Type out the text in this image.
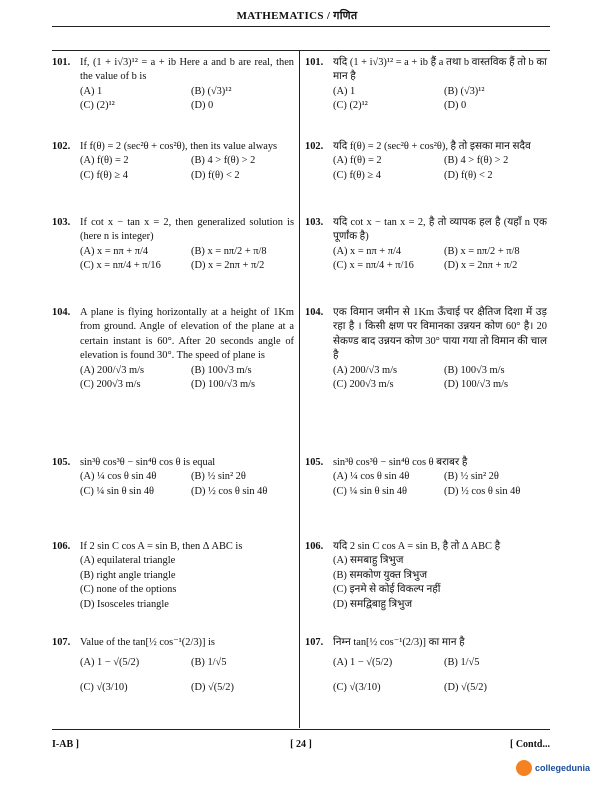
MATHEMATICS / गणित
101. If, (1 + i√3)¹² = a + ib Here a and b are real, then the value of b is
(A) 1	(B) (√3)¹²
(C) (2)¹²	(D) 0
102. If f(θ) = 2 (sec²θ + cos²θ), then its value always
(A) f(θ) = 2	(B) 4 > f(θ) > 2
(C) f(θ) ≥ 4	(D) f(θ) < 2
103. If cot x − tan x = 2, then generalized solution is (here n is integer)
(A) x = nπ + π/4	(B) x = nπ/2 + π/8
(C) x = nπ/4 + π/16	(D) x = 2nπ + π/2
104. A plane is flying horizontally at a height of 1Km from ground. Angle of elevation of the plane at a certain instant is 60°. After 20 seconds angle of elevation is found 30°. The speed of plane is
(A) 200/√3 m/s	(B) 100√3 m/s
(C) 200√3 m/s	(D) 100/√3 m/s
105. sin³θ cos³θ − sin⁴θ cos θ is equal
(A) ¼ cos θ sin 4θ	(B) ½ sin² 2θ
(C) ¼ sin θ sin 4θ	(D) ½ cos θ sin 4θ
106. If 2 sin C cos A = sin B, then Δ ABC is
(A) equilateral triangle
(B) right angle triangle
(C) none of the options
(D) Isosceles triangle
107. Value of the tan[½ cos⁻¹(2/3)] is
(A) 1 − √(5/2)	(B) 1/√5
(C) √(3/10)	(D) √(5/2)
101. यदि (1 + i√3)¹² = a + ib हैं a तथा b वास्तविक हैं तो b का मान है
(A) 1	(B) (√3)¹²
(C) (2)¹²	(D) 0
102. यदि f(θ) = 2 (sec²θ + cos²θ), है तो इसका मान सदैव
(A) f(θ) = 2	(B) 4 > f(θ) > 2
(C) f(θ) ≥ 4	(D) f(θ) < 2
103. यदि cot x − tan x = 2, है तो व्यापक हल है (यहाँ n एक पूर्णांक है)
(A) x = nπ + π/4	(B) x = nπ/2 + π/8
(C) x = nπ/4 + π/16	(D) x = 2nπ + π/2
104. एक विमान जमीन से 1Km ऊँचाई पर क्षैतिज दिशा में उड़ रहा है । किसी क्षण पर विमानका उन्नयन कोण 60° है। 20 सेकण्ड बाद उन्नयन कोण 30° पाया गया तो विमान की चाल है
(A) 200/√3 m/s	(B) 100√3 m/s
(C) 200√3 m/s	(D) 100/√3 m/s
105. sin³θ cos³θ − sin⁴θ cos θ बराबर है
(A) ¼ cos θ sin 4θ	(B) ½ sin² 2θ
(C) ¼ sin θ sin 4θ	(D) ½ cos θ sin 4θ
106. यदि 2 sin C cos A = sin B, है तो Δ ABC है
(A) समबाहु त्रिभुज
(B) समकोण युक्त त्रिभुज
(C) इनमे से कोई विकल्प नहीं
(D) समद्विबाहु त्रिभुज
107. निम्न tan[½ cos⁻¹(2/3)] का मान है
(A) 1 − √(5/2)	(B) 1/√5
(C) √(3/10)	(D) √(5/2)
I-AB ]	[ 24 ]	[ Contd...
collegedunia
